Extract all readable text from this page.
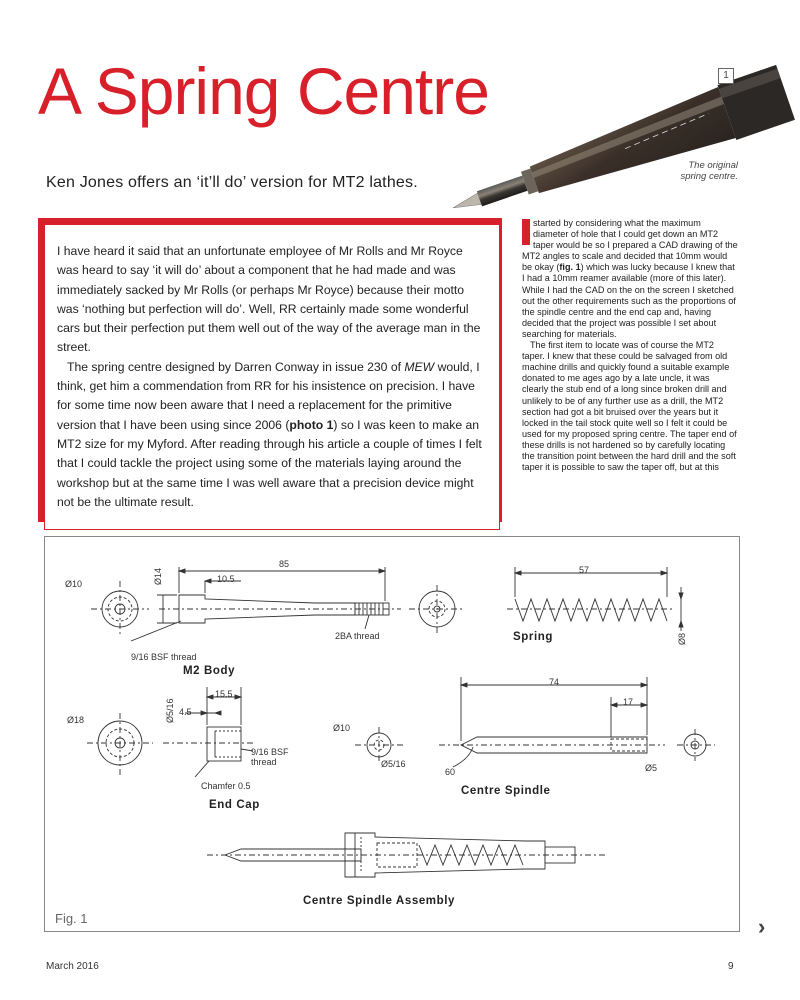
A Spring Centre
Ken Jones offers an ‘it’ll do’ version for MT2 lathes.
1
The original
spring centre.

I have heard it said that an unfortunate employee of Mr Rolls and Mr Royce was heard to say ‘it will do’ about a component that he had made and was immediately sacked by Mr Rolls (or perhaps Mr Royce) because their motto was ‘nothing but perfection will do’. Well, RR certainly made some wonderful cars but their perfection put them well out of the way of the average man in the street.

The spring centre designed by Darren Conway in issue 230 of MEW would, I think, get him a commendation from RR for his insistence on precision. I have for some time now been aware that I need a replacement for the primitive version that I have been using since 2006 (photo 1) so I was keen to make an MT2 size for my Myford. After reading through his article a couple of times I felt that I could tackle the project using some of the materials laying around the workshop but at the same time I was well aware that a precision device might not be the ultimate result.

started by considering what the maximum diameter of hole that I could get down an MT2 taper would be so I prepared a CAD drawing of the MT2 angles to scale and decided that 10mm would be okay (fig. 1) which was lucky because I knew that I had a 10mm reamer available (more of this later). While I had the CAD on the on the screen I sketched out the other requirements such as the proportions of the spindle centre and the end cap and, having decided that the project was possible I set about searching for materials.

The first item to locate was of course the MT2 taper. I knew that these could be salvaged from old machine drills and quickly found a suitable example donated to me ages ago by a late uncle, it was clearly the stub end of a long since broken drill and unlikely to be of any further use as a drill, the MT2 section had got a bit bruised over the years but it locked in the tail stock quite well so I felt it could be used for my proposed spring centre. The taper end of these drills is not hardened so by carefully locating the transition point between the hard drill and the soft taper it is possible to saw the taper off, but at this

Ø10	Ø14
85
10.5
2BA thread
9/16 BSF thread
M2 Body
57
Ø8
Spring
Ø18	Ø5/16
15.5
4.5
9/16 BSF
thread
Chamfer 0.5
End Cap
74
17
Ø10
Ø5/16
60	Ø5
Centre Spindle
Centre Spindle Assembly
Fig. 1	›
March 2016	9
